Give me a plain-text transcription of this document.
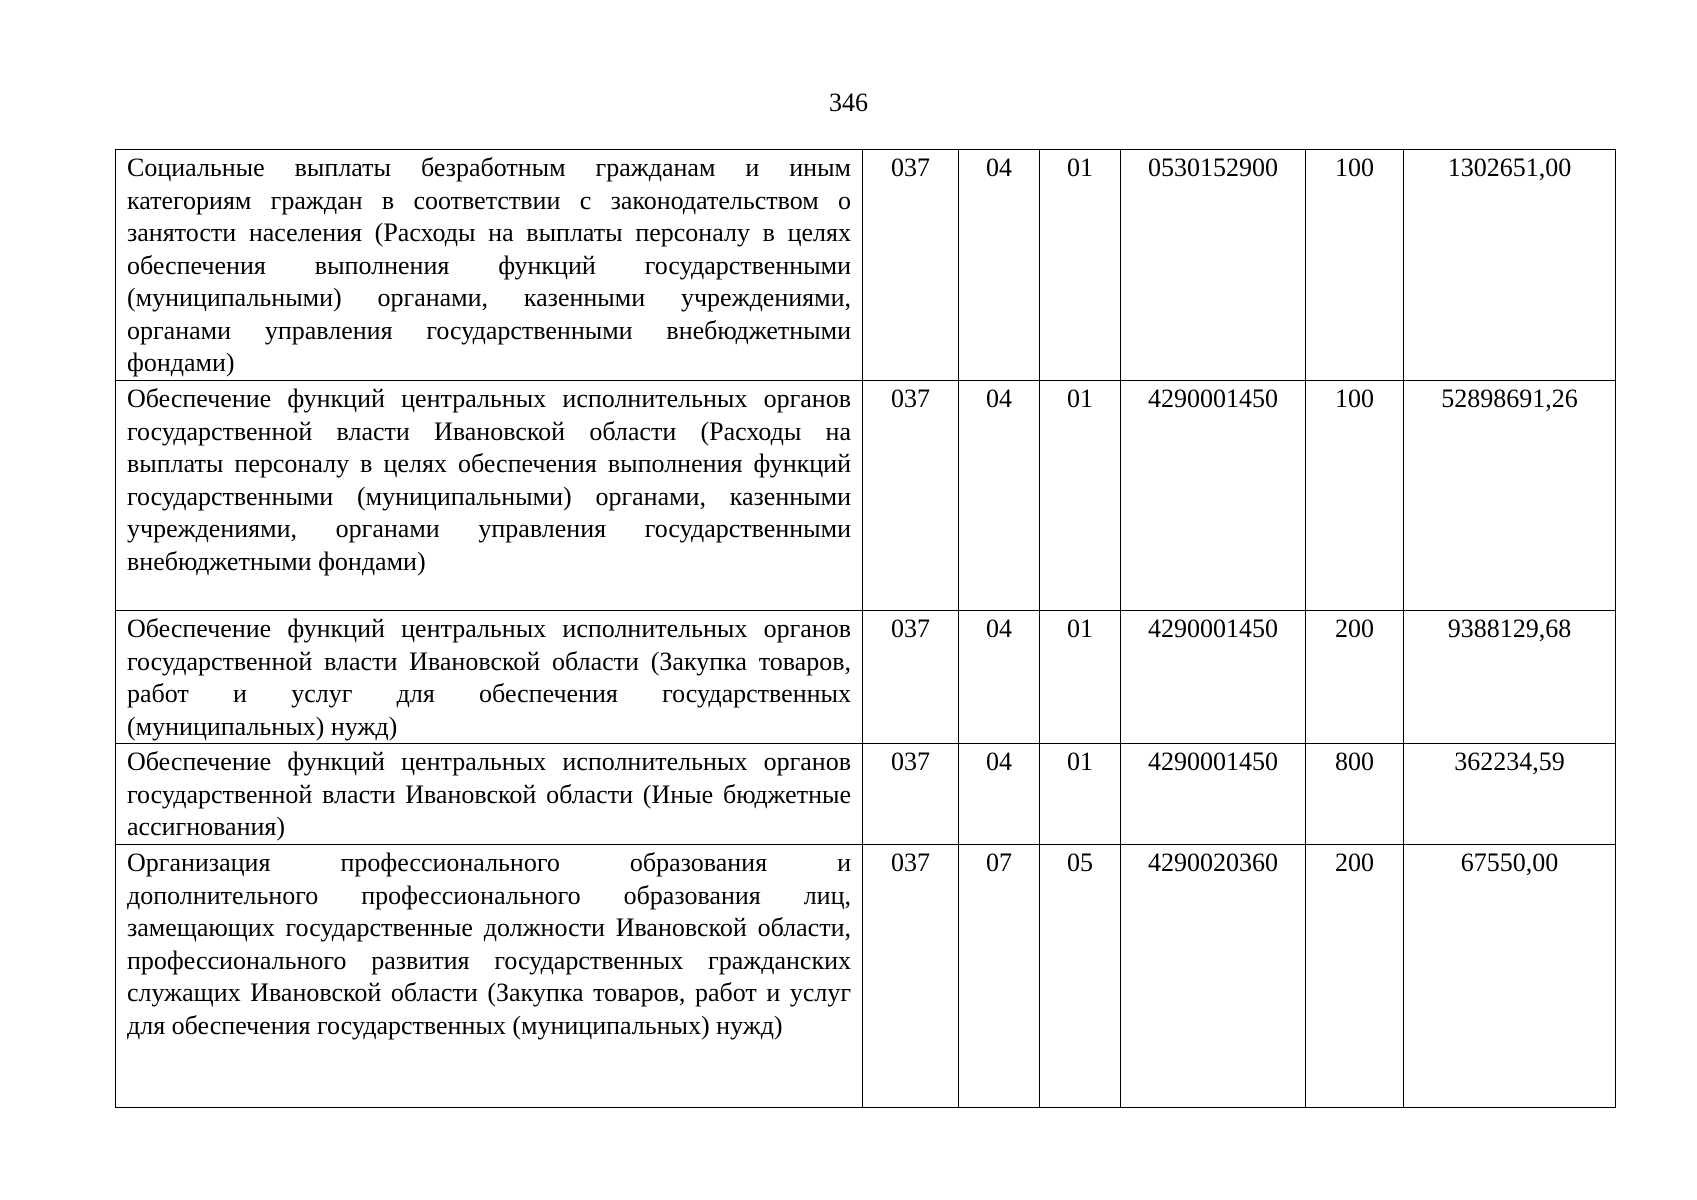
346
Социальные выплаты безработным гражданам и иным категориям граждан в соответствии с законодательством о занятости населения (Расходы на выплаты персоналу в целях обеспечения выполнения функций государственными (муниципальными) органами, казенными учреждениями, органами управления государственными внебюджетными фондами)	037	04	01	0530152900	100	1302651,00
Обеспечение функций центральных исполнительных органов государственной власти Ивановской области (Расходы на выплаты персоналу в целях обеспечения выполнения функций государственными (муниципальными) органами, казенными учреждениями, органами управления государственными внебюджетными фондами)	037	04	01	4290001450	100	52898691,26
Обеспечение функций центральных исполнительных органов государственной власти Ивановской области (Закупка товаров, работ и услуг для обеспечения государственных (муниципальных) нужд)	037	04	01	4290001450	200	9388129,68
Обеспечение функций центральных исполнительных органов государственной власти Ивановской области (Иные бюджетные ассигнования)	037	04	01	4290001450	800	362234,59
Организация профессионального образования и дополнительного профессионального образования лиц, замещающих государственные должности Ивановской области, профессионального развития государственных гражданских служащих Ивановской области (Закупка товаров, работ и услуг для обеспечения государственных (муниципальных) нужд)	037	07	05	4290020360	200	67550,00
